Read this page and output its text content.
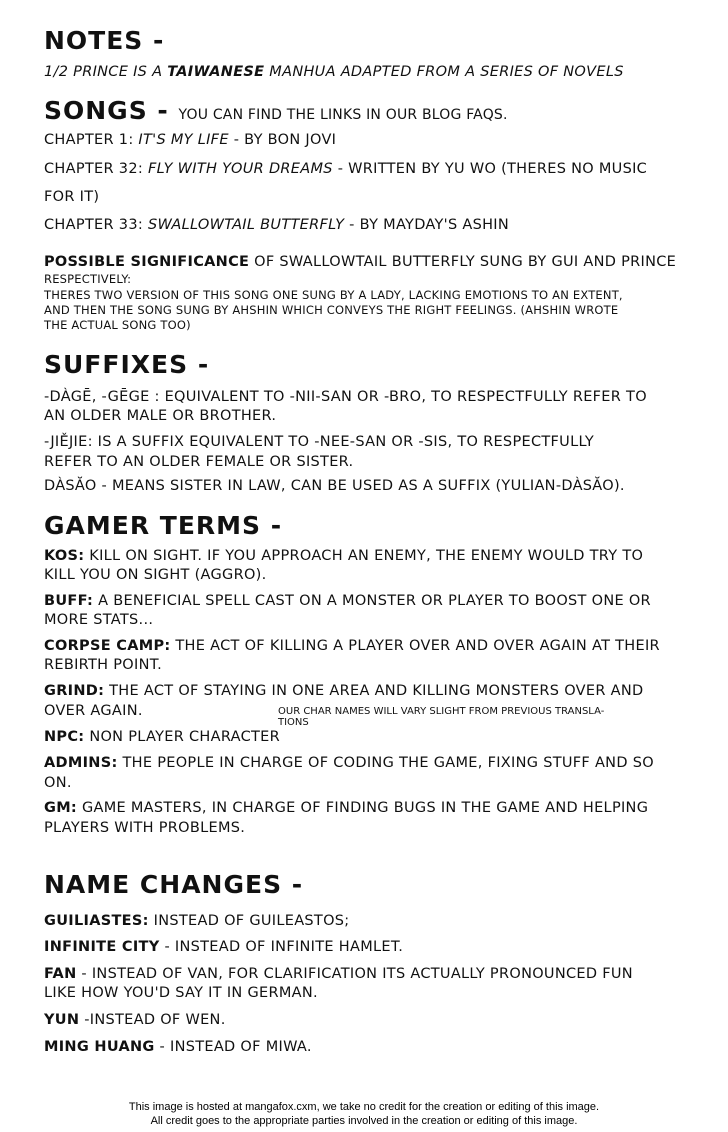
NOTES -

1/2 PRINCE IS A TAIWANESE MANHUA ADAPTED FROM A SERIES OF NOVELS

SONGS - YOU CAN FIND THE LINKS IN OUR BLOG FAQS.

CHAPTER 1: IT'S MY LIFE - BY BON JOVI

CHAPTER 32: FLY WITH YOUR DREAMS - WRITTEN BY YU WO (THERES NO MUSIC

FOR IT)

CHAPTER 33: SWALLOWTAIL BUTTERFLY - BY MAYDAY'S ASHIN

POSSIBLE SIGNIFICANCE OF SWALLOWTAIL BUTTERFLY SUNG BY GUI AND PRINCE

RESPECTIVELY:

THERES TWO VERSION OF THIS SONG ONE SUNG BY A LADY, LACKING EMOTIONS TO AN EXTENT,

AND THEN THE SONG SUNG BY AHSHIN WHICH CONVEYS THE RIGHT FEELINGS. (AHSHIN WROTE

THE ACTUAL SONG TOO)

SUFFIXES -

-DÀGĒ, -GĒGE : EQUIVALENT TO -NII-SAN OR -BRO, TO RESPECTFULLY REFER TO

AN OLDER MALE OR BROTHER.

-JIĚJIE: IS A SUFFIX EQUIVALENT TO -NEE-SAN OR -SIS, TO RESPECTFULLY

REFER TO AN OLDER FEMALE OR SISTER.

DÀSĂO - MEANS SISTER IN LAW, CAN BE USED AS A SUFFIX (YULIAN-DÀSĂO).

GAMER TERMS -

KOS: KILL ON SIGHT. IF YOU APPROACH AN ENEMY, THE ENEMY WOULD TRY TO

KILL YOU ON SIGHT (AGGRO).

BUFF: A BENEFICIAL SPELL CAST ON A MONSTER OR PLAYER TO BOOST ONE OR

MORE STATS...

CORPSE CAMP: THE ACT OF KILLING A PLAYER OVER AND OVER AGAIN AT THEIR

REBIRTH POINT.

GRIND: THE ACT OF STAYING IN ONE AREA AND KILLING MONSTERS OVER AND

OVER AGAIN.	OUR CHAR NAMES WILL VARY SLIGHT FROM PREVIOUS TRANSLA-
TIONS

NPC: NON PLAYER CHARACTER

ADMINS: THE PEOPLE IN CHARGE OF CODING THE GAME, FIXING STUFF AND SO

ON.

GM: GAME MASTERS, IN CHARGE OF FINDING BUGS IN THE GAME AND HELPING

PLAYERS WITH PROBLEMS.

NAME CHANGES -

GUILIASTES: INSTEAD OF GUILEASTOS;

INFINITE CITY - INSTEAD OF INFINITE HAMLET.

FAN - INSTEAD OF VAN, FOR CLARIFICATION ITS ACTUALLY PRONOUNCED FUN

LIKE HOW YOU'D SAY IT IN GERMAN.

YUN -INSTEAD OF WEN.

MING HUANG - INSTEAD OF MIWA.

This image is hosted at mangafox.cxm, we take no credit for the creation or editing of this image.
All credit goes to the appropriate parties involved in the creation or editing of this image.
